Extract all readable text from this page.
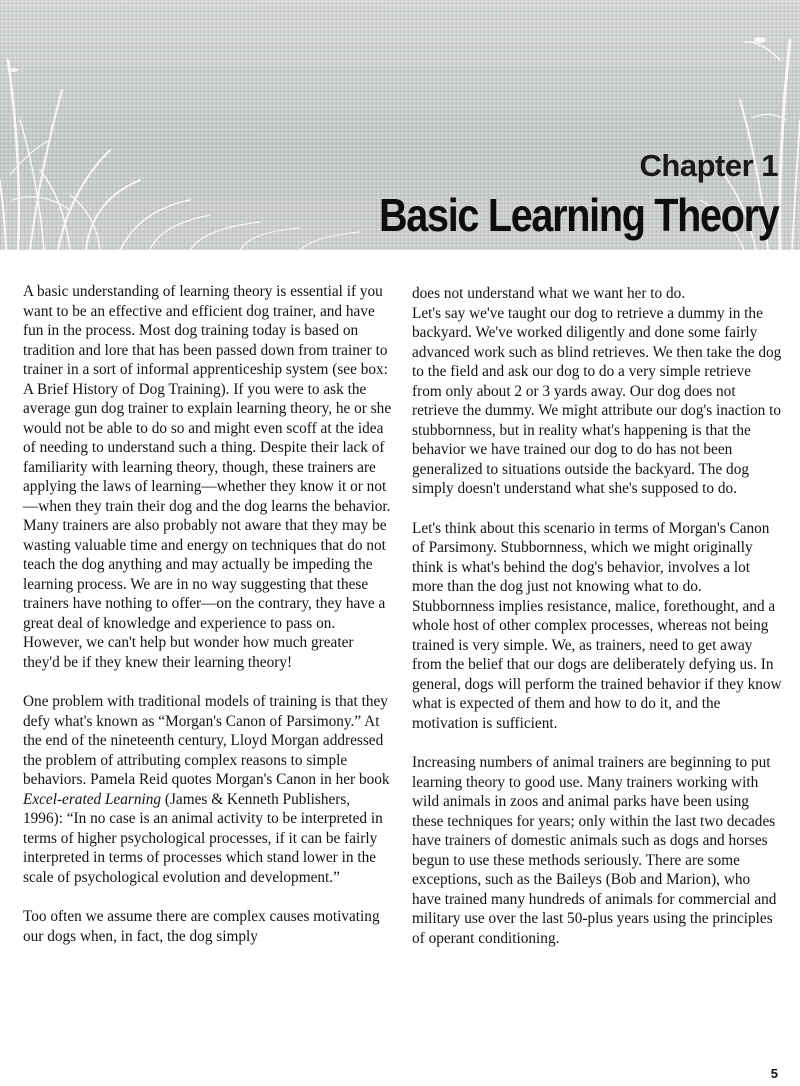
Chapter 1
Basic Learning Theory

A basic understanding of learning theory is essential if you want to be an effective and efficient dog trainer, and have fun in the process. Most dog training today is based on tradition and lore that has been passed down from trainer to trainer in a sort of informal apprenticeship system (see box: A Brief History of Dog Training). If you were to ask the average gun dog trainer to explain learning theory, he or she would not be able to do so and might even scoff at the idea of needing to understand such a thing. Despite their lack of familiarity with learning theory, though, these trainers are applying the laws of learning—whether they know it or not—when they train their dog and the dog learns the behavior. Many trainers are also probably not aware that they may be wasting valuable time and energy on techniques that do not teach the dog anything and may actually be impeding the learning process. We are in no way suggesting that these trainers have nothing to offer—on the contrary, they have a great deal of knowledge and experience to pass on. However, we can't help but wonder how much greater they'd be if they knew their learning theory!

One problem with traditional models of training is that they defy what's known as “Morgan's Canon of Parsimony.” At the end of the nineteenth century, Lloyd Morgan addressed the problem of attributing complex reasons to simple behaviors. Pamela Reid quotes Morgan's Canon in her book Excel-erated Learning (James & Kenneth Publishers, 1996): “In no case is an animal activity to be interpreted in terms of higher psychological processes, if it can be fairly interpreted in terms of processes which stand lower in the scale of psychological evolution and development.”

Too often we assume there are complex causes motivating our dogs when, in fact, the dog simply

does not understand what we want her to do.

Let's say we've taught our dog to retrieve a dummy in the backyard. We've worked diligently and done some fairly advanced work such as blind retrieves. We then take the dog to the field and ask our dog to do a very simple retrieve from only about 2 or 3 yards away. Our dog does not retrieve the dummy. We might attribute our dog's inaction to stubbornness, but in reality what's happening is that the behavior we have trained our dog to do has not been generalized to situations outside the backyard. The dog simply doesn't understand what she's supposed to do.

Let's think about this scenario in terms of Morgan's Canon of Parsimony. Stubbornness, which we might originally think is what's behind the dog's behavior, involves a lot more than the dog just not knowing what to do. Stubbornness implies resistance, malice, forethought, and a whole host of other complex processes, whereas not being trained is very simple. We, as trainers, need to get away from the belief that our dogs are deliberately defying us. In general, dogs will perform the trained behavior if they know what is expected of them and how to do it, and the motivation is sufficient.

Increasing numbers of animal trainers are beginning to put learning theory to good use. Many trainers working with wild animals in zoos and animal parks have been using these techniques for years; only within the last two decades have trainers of domestic animals such as dogs and horses begun to use these methods seriously. There are some exceptions, such as the Baileys (Bob and Marion), who have trained many hundreds of animals for commercial and military use over the last 50-plus years using the principles of operant conditioning.

5
